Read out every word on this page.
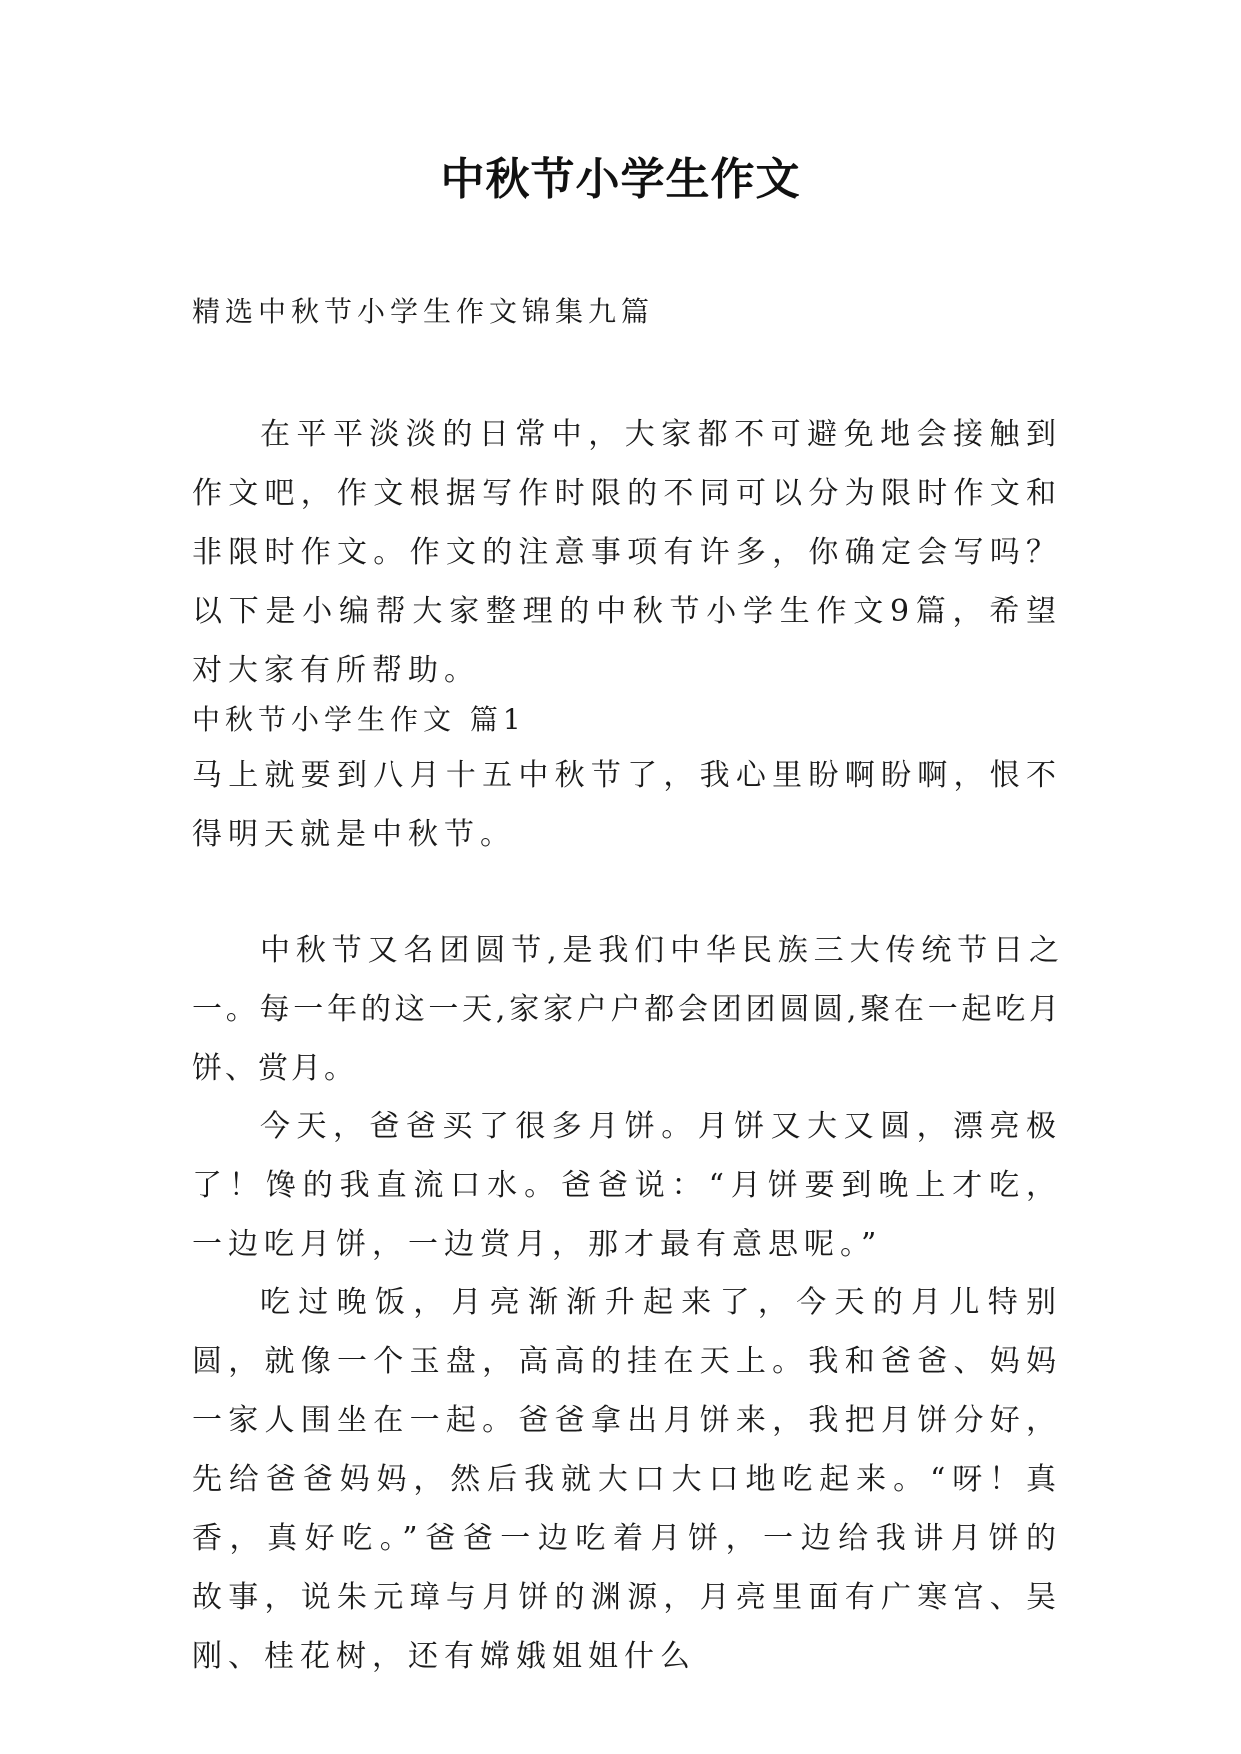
中秋节小学生作文
精选中秋节小学生作文锦集九篇

在平平淡淡的日常中，大家都不可避免地会接触到作文吧，作文根据写作时限的不同可以分为限时作文和非限时作文。作文的注意事项有许多，你确定会写吗？以下是小编帮大家整理的中秋节小学生作文9篇，希望对大家有所帮助。

中秋节小学生作文 篇1

马上就要到八月十五中秋节了，我心里盼啊盼啊，恨不得明天就是中秋节。

中秋节又名团圆节,是我们中华民族三大传统节日之一。每一年的这一天,家家户户都会团团圆圆,聚在一起吃月饼、赏月。

今天，爸爸买了很多月饼。月饼又大又圆，漂亮极了！馋的我直流口水。爸爸说：“月饼要到晚上才吃，一边吃月饼，一边赏月，那才最有意思呢。”

吃过晚饭，月亮渐渐升起来了，今天的月儿特别圆，就像一个玉盘，高高的挂在天上。我和爸爸、妈妈一家人围坐在一起。爸爸拿出月饼来，我把月饼分好，先给爸爸妈妈，然后我就大口大口地吃起来。“呀！真香，真好吃。”爸爸一边吃着月饼，一边给我讲月饼的故事，说朱元璋与月饼的渊源，月亮里面有广寒宫、吴刚、桂花树，还有嫦娥姐姐什么
